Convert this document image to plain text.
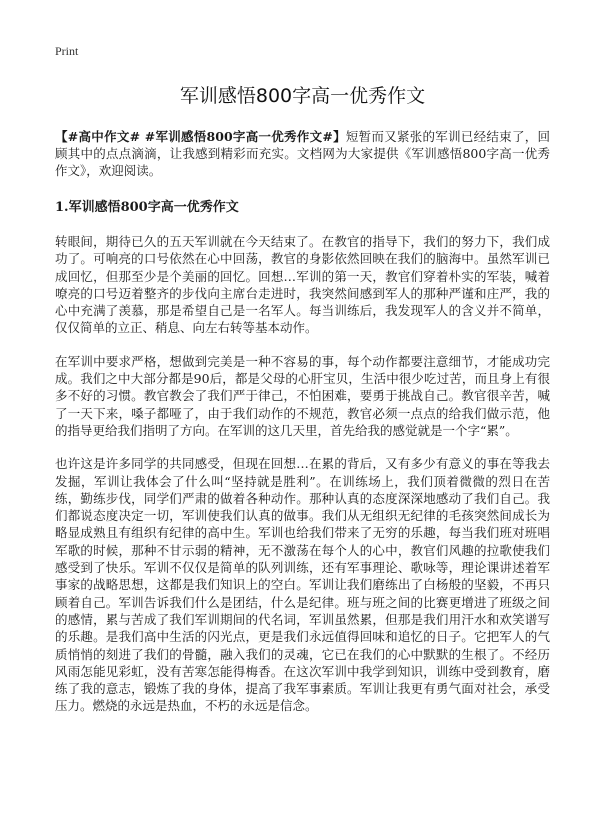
Print
军训感悟800字高一优秀作文

【#高中作文# #军训感悟800字高一优秀作文#】短暂而又紧张的军训已经结束了，回顾其中的点点滴滴，让我感到精彩而充实。文档网为大家提供《军训感悟800字高一优秀作文》，欢迎阅读。

1.军训感悟800字高一优秀作文

转眼间，期待已久的五天军训就在今天结束了。在教官的指导下，我们的努力下，我们成功了。可响亮的口号依然在心中回荡，教官的身影依然回映在我们的脑海中。虽然军训已成回忆，但那至少是个美丽的回忆。回想…军训的第一天，教官们穿着朴实的军装，喊着嘹亮的口号迈着整齐的步伐向主席台走进时，我突然间感到军人的那种严谨和庄严，我的心中充满了羡慕，那是希望自己是一名军人。每当训练后，我发现军人的含义并不简单，仅仅简单的立正、稍息、向左右转等基本动作。

在军训中要求严格，想做到完美是一种不容易的事，每个动作都要注意细节，才能成功完成。我们之中大部分都是90后，都是父母的心肝宝贝，生活中很少吃过苦，而且身上有很多不好的习惯。教官教会了我们严于律己，不怕困难，要勇于挑战自己。教官很辛苦，喊了一天下来，嗓子都哑了，由于我们动作的不规范，教官必须一点点的给我们做示范，他的指导更给我们指明了方向。在军训的这几天里，首先给我的感觉就是一个字“累”。

也许这是许多同学的共同感受，但现在回想…在累的背后，又有多少有意义的事在等我去发掘，军训让我体会了什么叫“坚持就是胜利”。在训练场上，我们顶着微微的烈日在苦练，勤练步伐，同学们严肃的做着各种动作。那种认真的态度深深地感动了我们自己。我们都说态度决定一切，军训使我们认真的做事。我们从无组织无纪律的毛孩突然间成长为略显成熟且有组织有纪律的高中生。军训也给我们带来了无穷的乐趣，每当我们班对班唱军歌的时候，那种不甘示弱的精神，无不激荡在每个人的心中，教官们风趣的拉歌使我们感受到了快乐。军训不仅仅是简单的队列训练，还有军事理论、歌咏等，理论课讲述着军事家的战略思想，这都是我们知识上的空白。军训让我们磨练出了白杨般的坚毅，不再只顾着自己。军训告诉我们什么是团结，什么是纪律。班与班之间的比赛更增进了班级之间的感情，累与苦成了我们军训期间的代名词，军训虽然累，但那是我们用汗水和欢笑谱写的乐趣。是我们高中生活的闪光点，更是我们永远值得回味和追忆的日子。它把军人的气质悄悄的刻进了我们的骨髓，融入我们的灵魂，它已在我们的心中默默的生根了。不经历风雨怎能见彩虹，没有苦寒怎能得梅香。在这次军训中我学到知识，训练中受到教育，磨练了我的意志，锻炼了我的身体，提高了我军事素质。军训让我更有勇气面对社会，承受压力。燃烧的永远是热血，不朽的永远是信念。
